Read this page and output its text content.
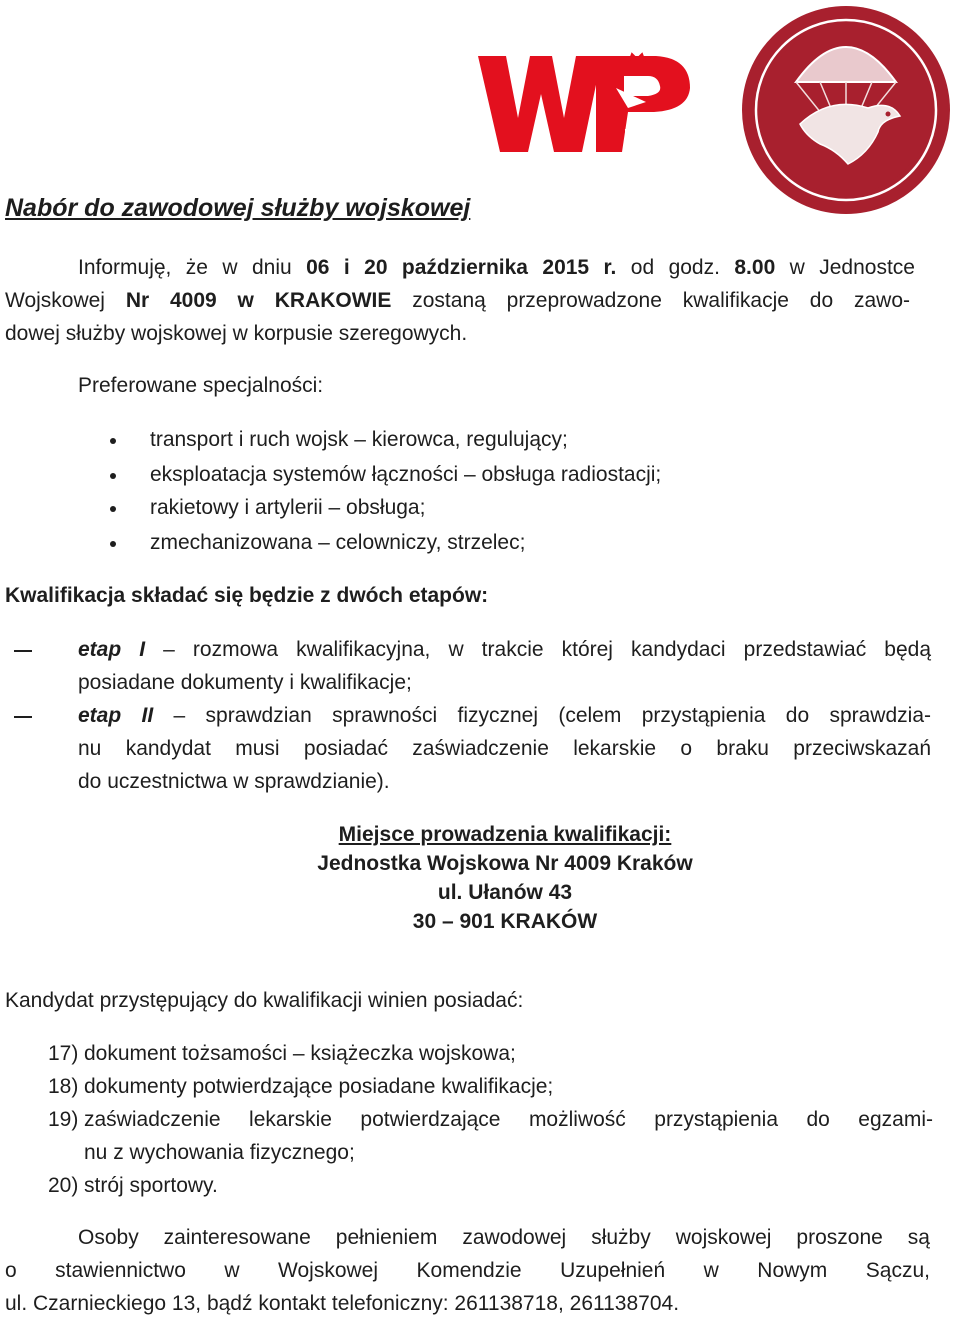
WOJSKO
POLSKIE
Nabór do zawodowej służby wojskowej
Informuję, że w dniu 06 i 20 października 2015 r. od godz. 8.00 w Jednostce
Wojskowej Nr 4009 w KRAKOWIE zostaną przeprowadzone kwalifikacje do zawo-
dowej służby wojskowej w korpusie szeregowych.
Preferowane specjalności:
transport i ruch wojsk – kierowca, regulujący;
eksploatacja systemów łączności – obsługa radiostacji;
rakietowy i artylerii – obsługa;
zmechanizowana – celowniczy, strzelec;
Kwalifikacja składać się będzie z dwóch etapów:
etap I – rozmowa kwalifikacyjna, w trakcie której kandydaci przedstawiać będą
posiadane dokumenty i kwalifikacje;
etap II – sprawdzian sprawności fizycznej (celem przystąpienia do sprawdzia-
nu kandydat musi posiadać zaświadczenie lekarskie o braku przeciwskazań
do uczestnictwa w sprawdzianie).
Miejsce prowadzenia kwalifikacji:
Jednostka Wojskowa Nr 4009 Kraków
ul. Ułanów 43
30 – 901 KRAKÓW
Kandydat przystępujący do kwalifikacji winien posiadać:
17) dokument tożsamości – książeczka wojskowa;
18) dokumenty potwierdzające posiadane kwalifikacje;
19) zaświadczenie lekarskie potwierdzające możliwość przystąpienia do egzami-
nu z wychowania fizycznego;
20) strój sportowy.
Osoby zainteresowane pełnieniem zawodowej służby wojskowej proszone są
o stawiennictwo w Wojskowej Komendzie Uzupełnień w Nowym Sączu,
ul. Czarnieckiego 13, bądź kontakt telefoniczny: 261138718, 261138704.
